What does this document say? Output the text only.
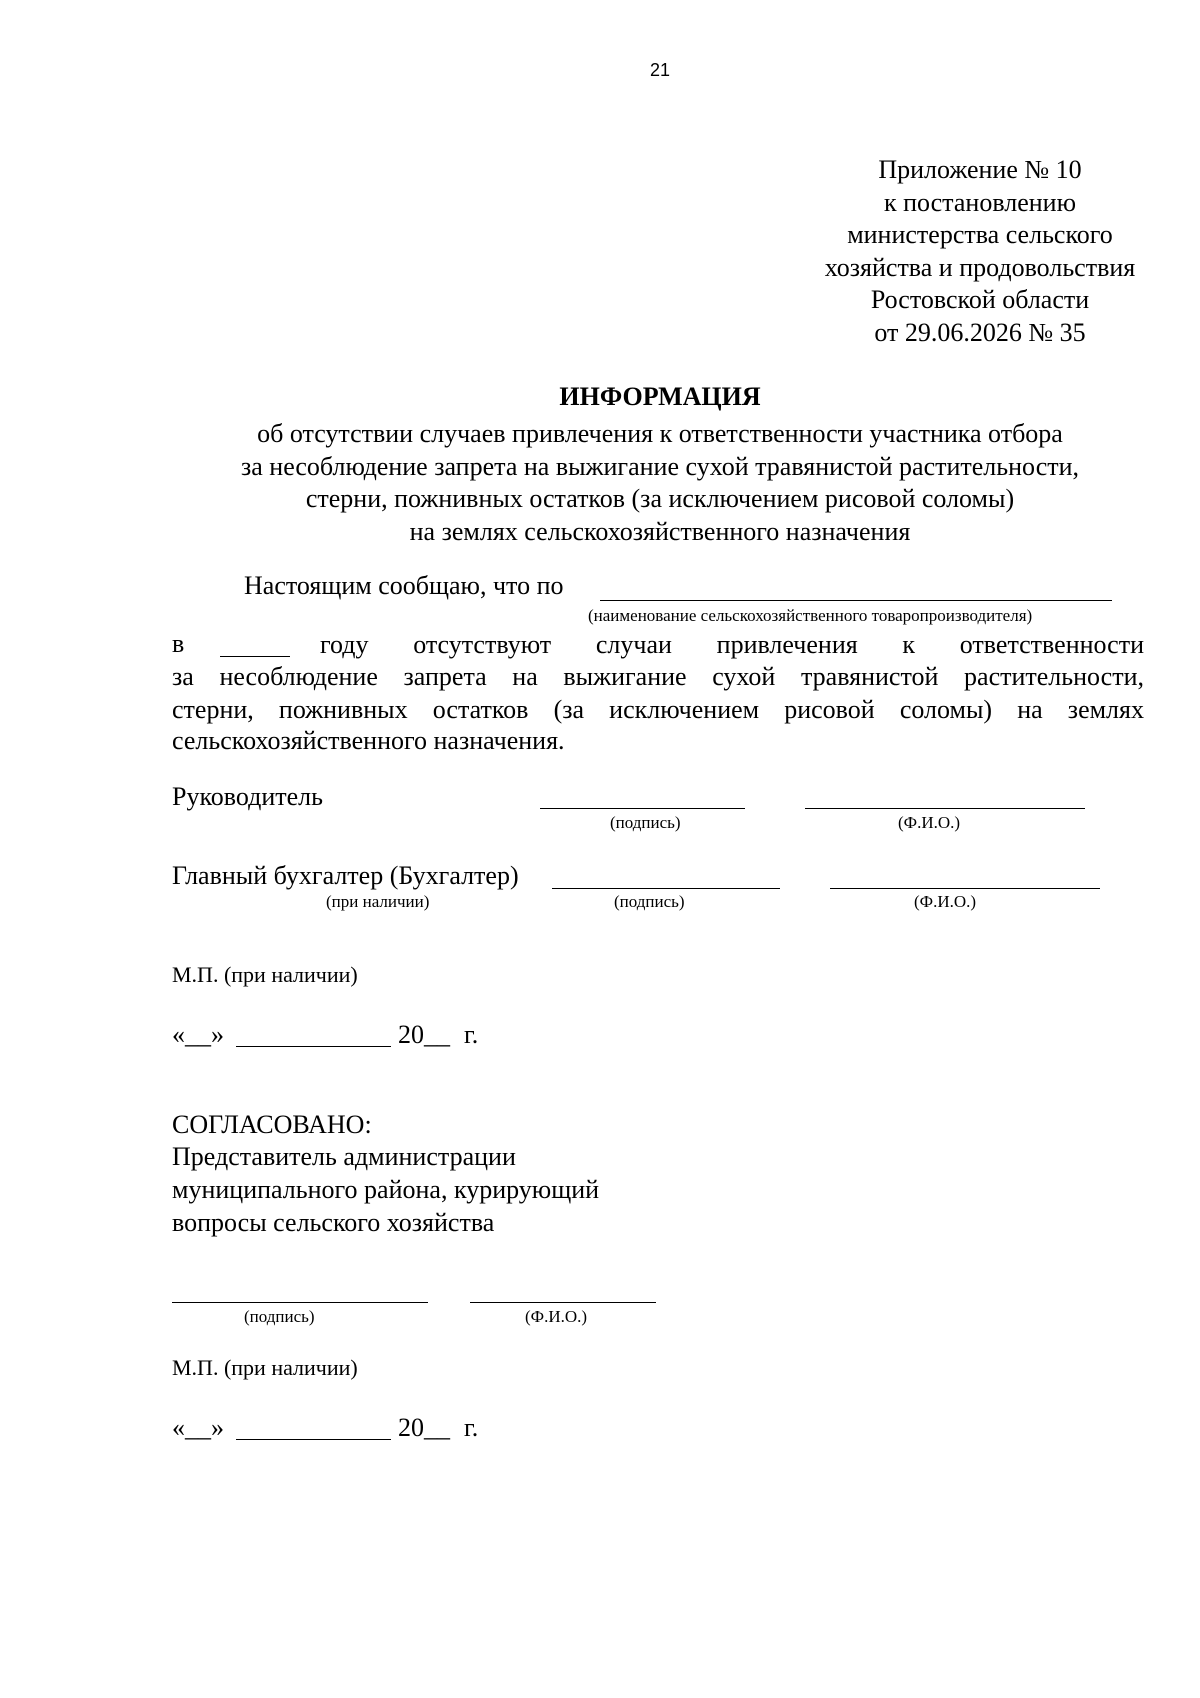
21
Приложение № 10
к постановлению
министерства сельского
хозяйства и продовольствия
Ростовской области
от 29.06.2026 № 35
ИНФОРМАЦИЯ
об отсутствии случаев привлечения к ответственности участника отбора
за несоблюдение запрета на выжигание сухой травянистой растительности,
стерни, пожнивных остатков (за исключением рисовой соломы)
на землях сельскохозяйственного назначения
Настоящим сообщаю, что по
(наименование сельскохозяйственного товаропроизводителя)
в	году отсутствуют случаи привлечения к ответственности
за несоблюдение запрета на выжигание сухой травянистой растительности,
стерни, пожнивных остатков (за исключением рисовой соломы) на землях
сельскохозяйственного назначения.
Руководитель
(подпись)	(Ф.И.О.)
Главный бухгалтер (Бухгалтер)
(при наличии)	(подпись)	(Ф.И.О.)
М.П. (при наличии)
«__»	20__ г.
СОГЛАСОВАНО:
Представитель администрации
муниципального района, курирующий
вопросы сельского хозяйства
(подпись)	(Ф.И.О.)
М.П. (при наличии)
«__»	20__ г.
